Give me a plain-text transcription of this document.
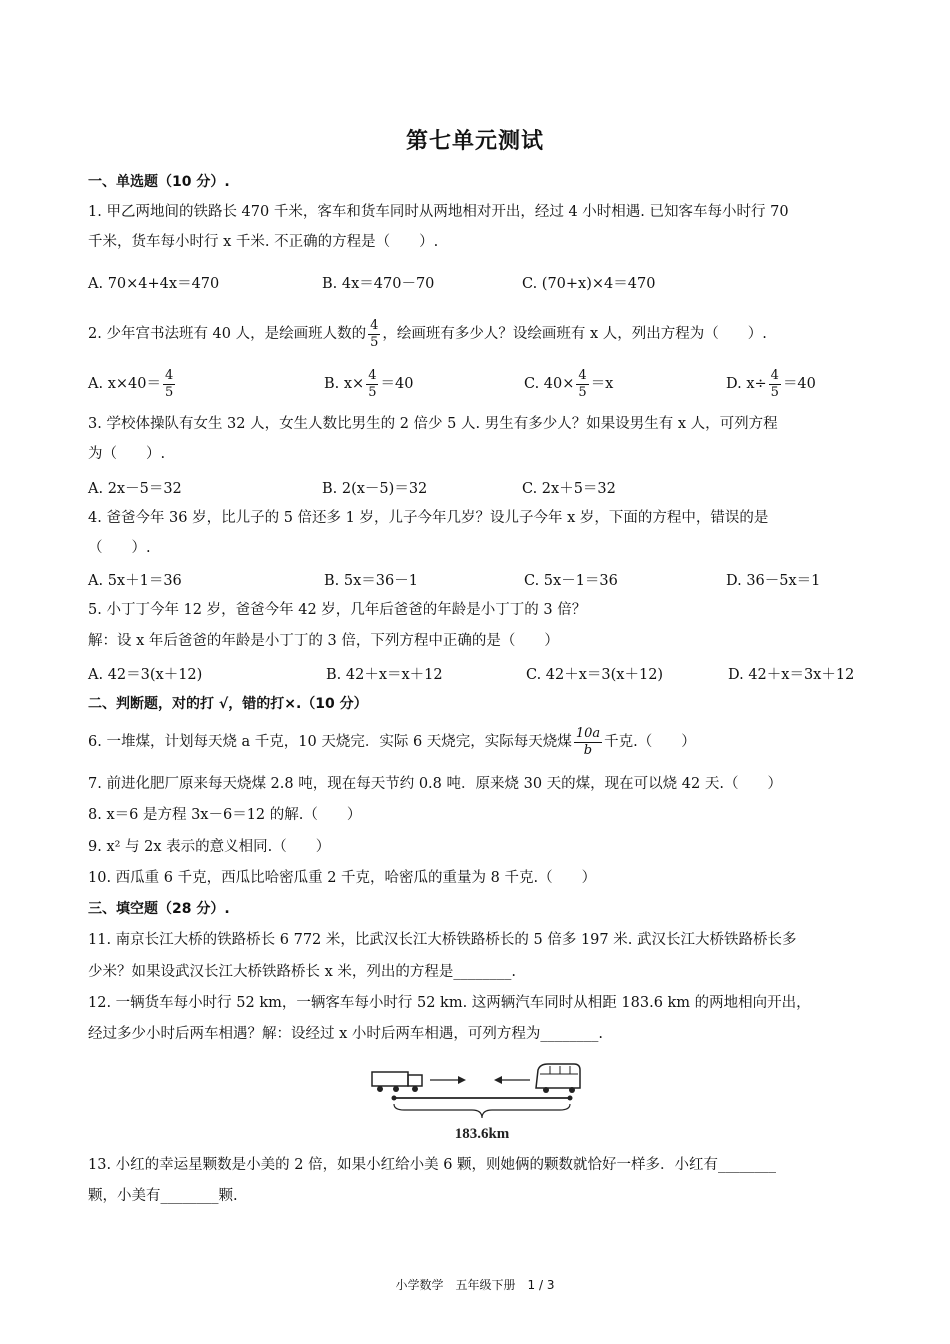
第七单元测试
一、单选题（10 分）.
1. 甲乙两地间的铁路长 470 千米，客车和货车同时从两地相对开出，经过 4 小时相遇. 已知客车每小时行 70
千米，货车每小时行 x 千米. 不正确的方程是（　　）.
A. 70×4+4x＝470	B. 4x＝470－70	C. (70+x)×4＝470
2. 少年宫书法班有 40 人，是绘画班人数的 $\frac{4}{5}$ ，绘画班有多少人？设绘画班有 x 人，列出方程为（　　）.
A. $x\times 40= \frac{4}{5}$	B. $x\times \frac{4}{5} =40$	C. $40\times \frac{4}{5} =x$	D. $x\div \frac{4}{5} =40$
3. 学校体操队有女生 32 人，女生人数比男生的 2 倍少 5 人. 男生有多少人？如果设男生有 x 人，可列方程
为（　　）.
A. 2x－5＝32	B. 2(x－5)＝32	C. 2x＋5＝32
4. 爸爸今年 36 岁，比儿子的 5 倍还多 1 岁，儿子今年几岁？设儿子今年 x 岁，下面的方程中，错误的是
（　　）.
A. 5x＋1＝36	B. 5x＝36－1	C. 5x－1＝36	D. 36－5x＝1
5. 小丁丁今年 12 岁，爸爸今年 42 岁，几年后爸爸的年龄是小丁丁的 3 倍？
解：设 x 年后爸爸的年龄是小丁丁的 3 倍，下列方程中正确的是（　　）
A. 42＝3(x＋12)	B. 42＋x＝x＋12	C. 42＋x＝3(x＋12)	D. 42＋x＝3x＋12
二、判断题，对的打 √，错的打×.（10 分）
6. 一堆煤，计划每天烧 a 千克，10 天烧完．实际 6 天烧完，实际每天烧煤 $\frac{10a}{b}$ 千克.（　　）
7. 前进化肥厂原来每天烧煤 2.8 吨，现在每天节约 0.8 吨．原来烧 30 天的煤，现在可以烧 42 天.（　　）
8. x＝6 是方程 3x－6＝12 的解.（　　）
9. x² 与 2x 表示的意义相同.（　　）
10. 西瓜重 6 千克，西瓜比哈密瓜重 2 千克，哈密瓜的重量为 8 千克.（　　）
三、填空题（28 分）.
11. 南京长江大桥的铁路桥长 6 772 米，比武汉长江大桥铁路桥长的 5 倍多 197 米. 武汉长江大桥铁路桥长多
少米？如果设武汉长江大桥铁路桥长 x 米，列出的方程是________.
12. 一辆货车每小时行 52 km，一辆客车每小时行 52 km. 这两辆汽车同时从相距 183.6 km 的两地相向开出，
经过多少小时后两车相遇？解：设经过 x 小时后两车相遇，可列方程为________.
183.6km
13. 小红的幸运星颗数是小美的 2 倍，如果小红给小美 6 颗，则她俩的颗数就恰好一样多．小红有________
颗，小美有________颗.
小学数学　五年级下册　1 / 3
